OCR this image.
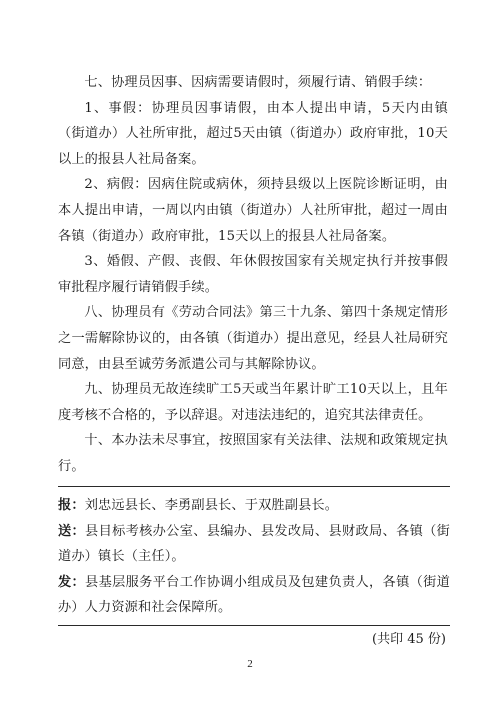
七、协理员因事、因病需要请假时，须履行请、销假手续：

1、事假：协理员因事请假，由本人提出申请，5天内由镇（街道办）人社所审批，超过5天由镇（街道办）政府审批，10天以上的报县人社局备案。

2、病假：因病住院或病休，须持县级以上医院诊断证明，由本人提出申请，一周以内由镇（街道办）人社所审批，超过一周由各镇（街道办）政府审批，15天以上的报县人社局备案。

3、婚假、产假、丧假、年休假按国家有关规定执行并按事假审批程序履行请销假手续。

八、协理员有《劳动合同法》第三十九条、第四十条规定情形之一需解除协议的，由各镇（街道办）提出意见，经县人社局研究同意，由县至诚劳务派遣公司与其解除协议。

九、协理员无故连续旷工5天或当年累计旷工10天以上，且年度考核不合格的，予以辞退。对违法违纪的，追究其法律责任。

十、本办法未尽事宜，按照国家有关法律、法规和政策规定执行。

报：刘忠远县长、李勇副县长、于双胜副县长。

送：县目标考核办公室、县编办、县发改局、县财政局、各镇（街道办）镇长（主任）。

发：县基层服务平台工作协调小组成员及包建负责人，各镇（街道办）人力资源和社会保障所。

(共印 45 份)
2
